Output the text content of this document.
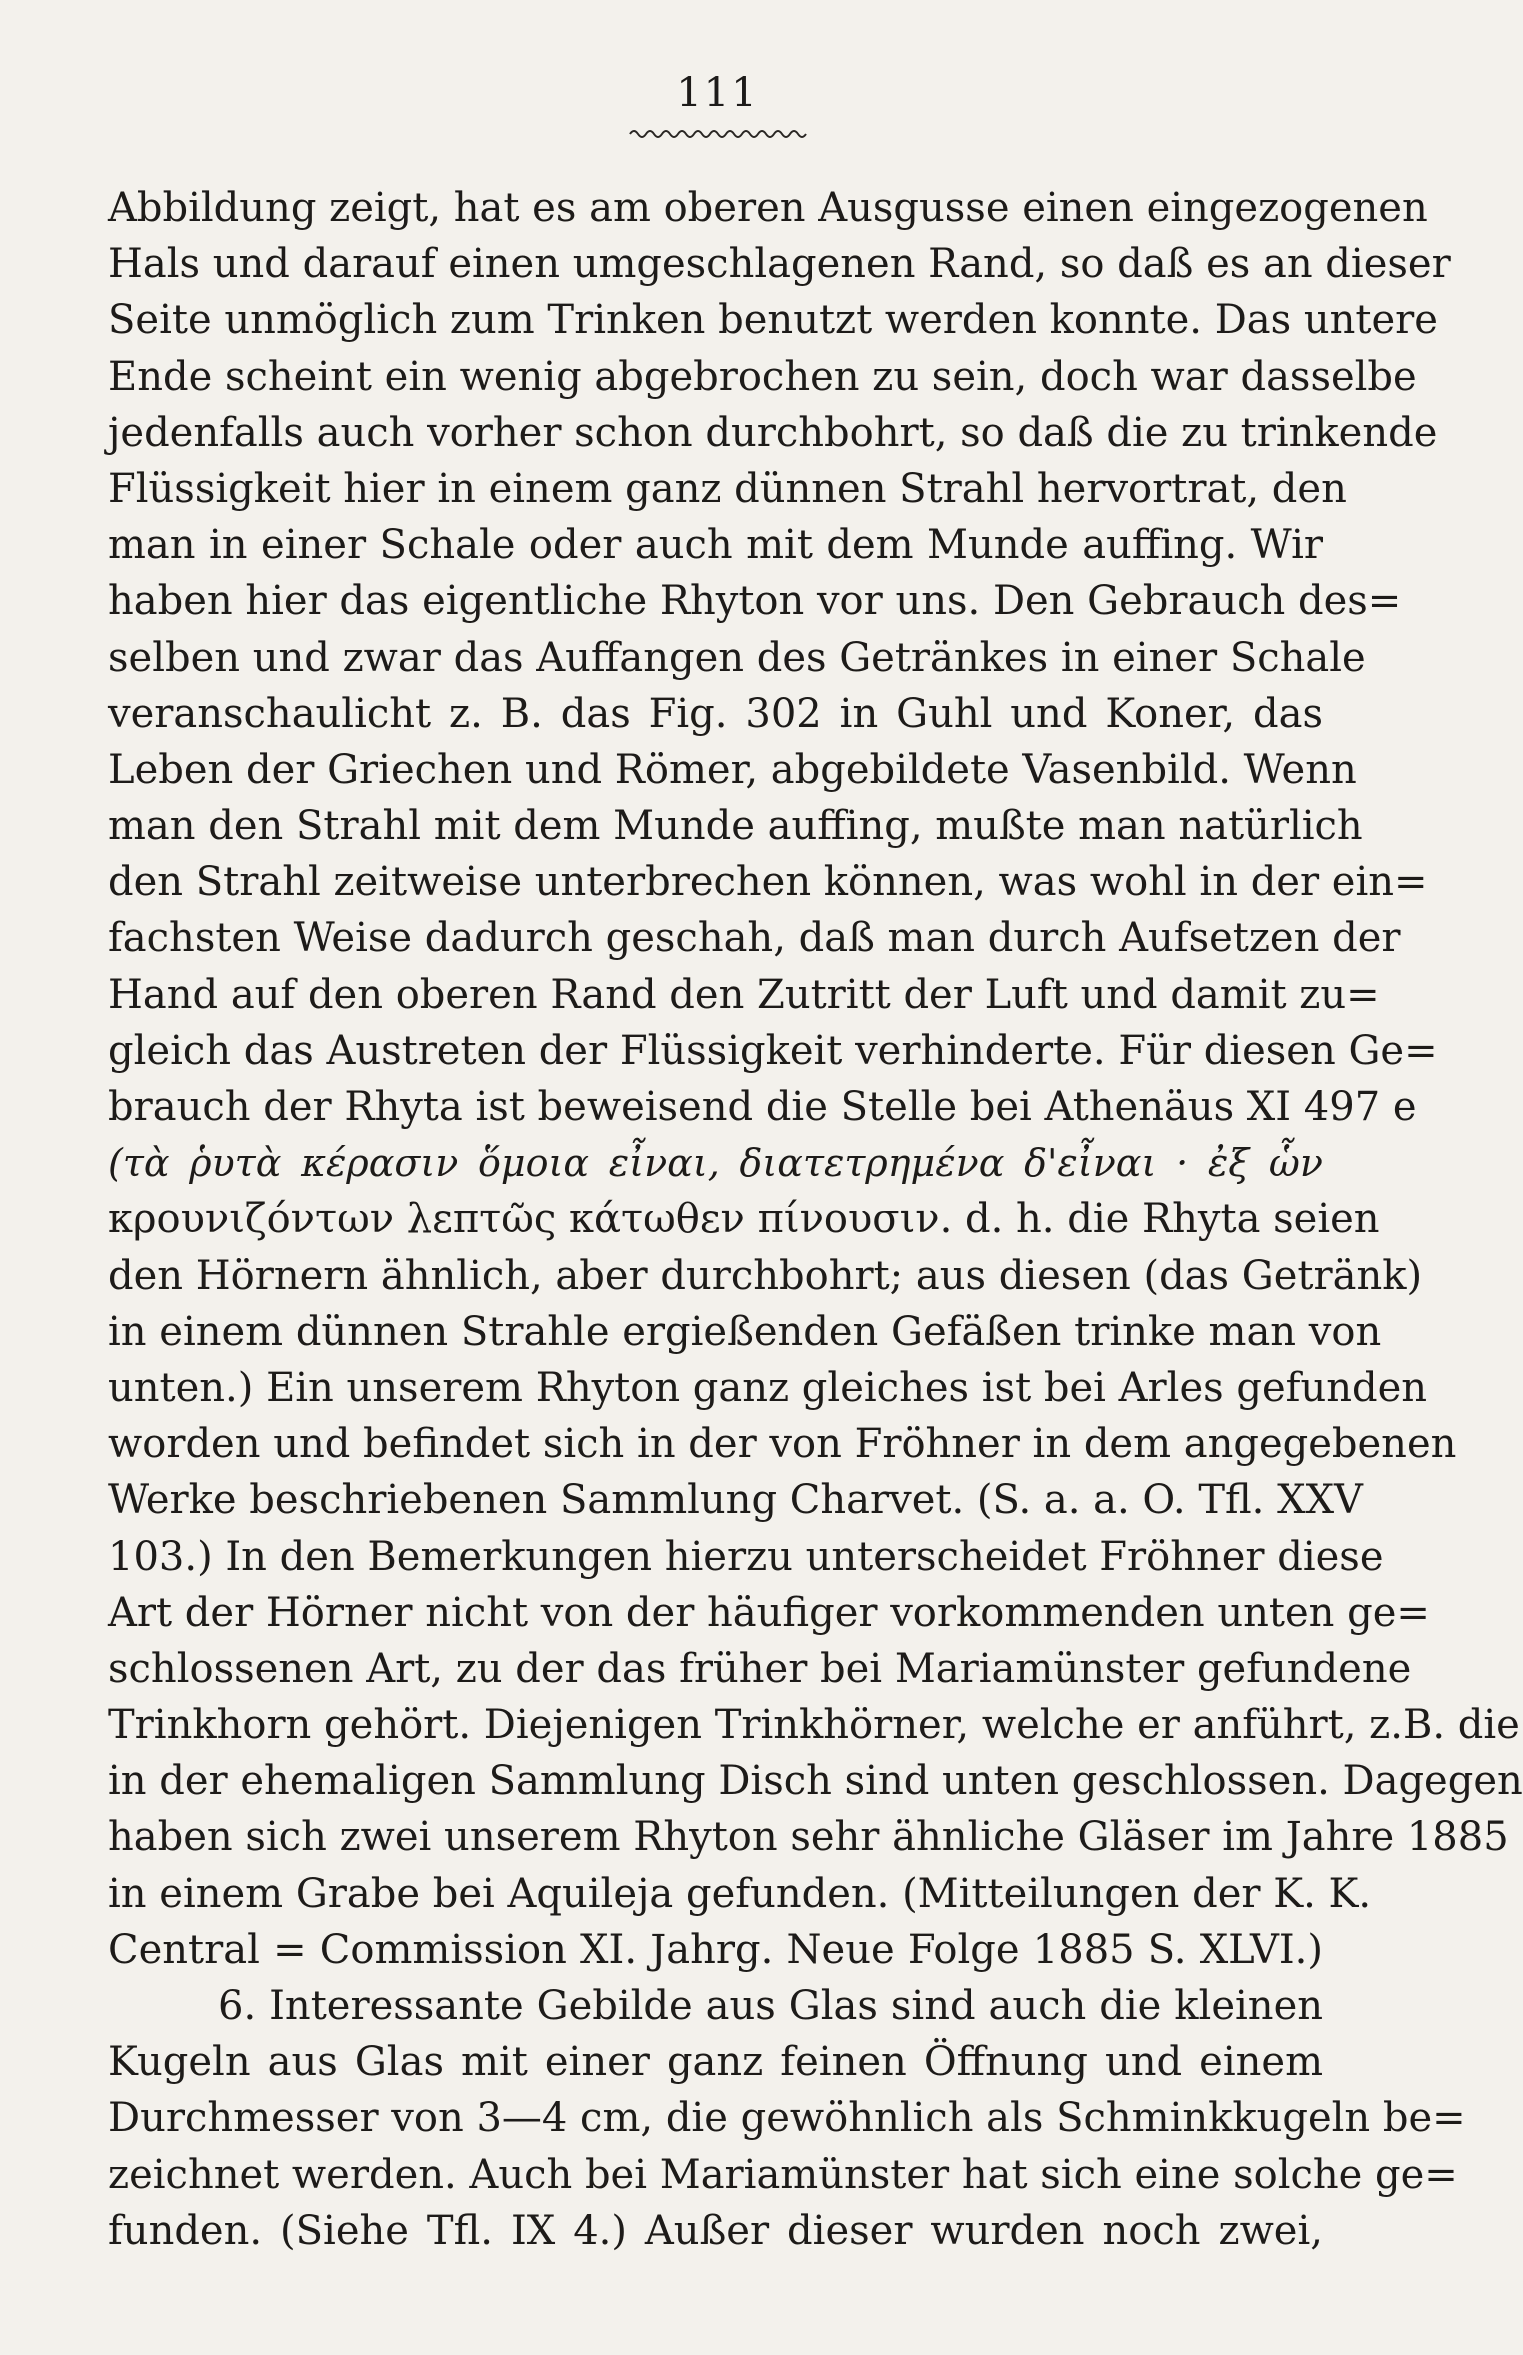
111
Abbildung zeigt, hat es am oberen Ausgusse einen eingezogenen
Hals und darauf einen umgeschlagenen Rand, so daß es an dieser
Seite unmöglich zum Trinken benutzt werden konnte. Das untere
Ende scheint ein wenig abgebrochen zu sein, doch war dasselbe
jedenfalls auch vorher schon durchbohrt, so daß die zu trinkende
Flüssigkeit hier in einem ganz dünnen Strahl hervortrat, den
man in einer Schale oder auch mit dem Munde auffing. Wir
haben hier das eigentliche Rhyton vor uns. Den Gebrauch des=
selben und zwar das Auffangen des Getränkes in einer Schale
veranschaulicht z. B. das Fig. 302 in Guhl und Koner, das
Leben der Griechen und Römer, abgebildete Vasenbild. Wenn
man den Strahl mit dem Munde auffing, mußte man natürlich
den Strahl zeitweise unterbrechen können, was wohl in der ein=
fachsten Weise dadurch geschah, daß man durch Aufsetzen der
Hand auf den oberen Rand den Zutritt der Luft und damit zu=
gleich das Austreten der Flüssigkeit verhinderte. Für diesen Ge=
brauch der Rhyta ist beweisend die Stelle bei Athenäus XI 497 e
(τὰ ῥυτὰ κέρασιν ὅμοια εἶναι, διατετρημένα δ'εἶναι · ἐξ ὧν
κρουνιζόντων λεπτῶς κάτωθεν πίνουσιν. d. h. die Rhyta seien
den Hörnern ähnlich, aber durchbohrt; aus diesen (das Getränk)
in einem dünnen Strahle ergießenden Gefäßen trinke man von
unten.) Ein unserem Rhyton ganz gleiches ist bei Arles gefunden
worden und befindet sich in der von Fröhner in dem angegebenen
Werke beschriebenen Sammlung Charvet. (S. a. a. O. Tfl. XXV
103.) In den Bemerkungen hierzu unterscheidet Fröhner diese
Art der Hörner nicht von der häufiger vorkommenden unten ge=
schlossenen Art, zu der das früher bei Mariamünster gefundene
Trinkhorn gehört. Diejenigen Trinkhörner, welche er anführt, z.B. die
in der ehemaligen Sammlung Disch sind unten geschlossen. Dagegen
haben sich zwei unserem Rhyton sehr ähnliche Gläser im Jahre 1885
in einem Grabe bei Aquileja gefunden. (Mitteilungen der K. K.
Central = Commission XI. Jahrg. Neue Folge 1885 S. XLVI.)
6. Interessante Gebilde aus Glas sind auch die kleinen
Kugeln aus Glas mit einer ganz feinen Öffnung und einem
Durchmesser von 3—4 cm, die gewöhnlich als Schminkkugeln be=
zeichnet werden. Auch bei Mariamünster hat sich eine solche ge=
funden. (Siehe Tfl. IX 4.) Außer dieser wurden noch zwei,
